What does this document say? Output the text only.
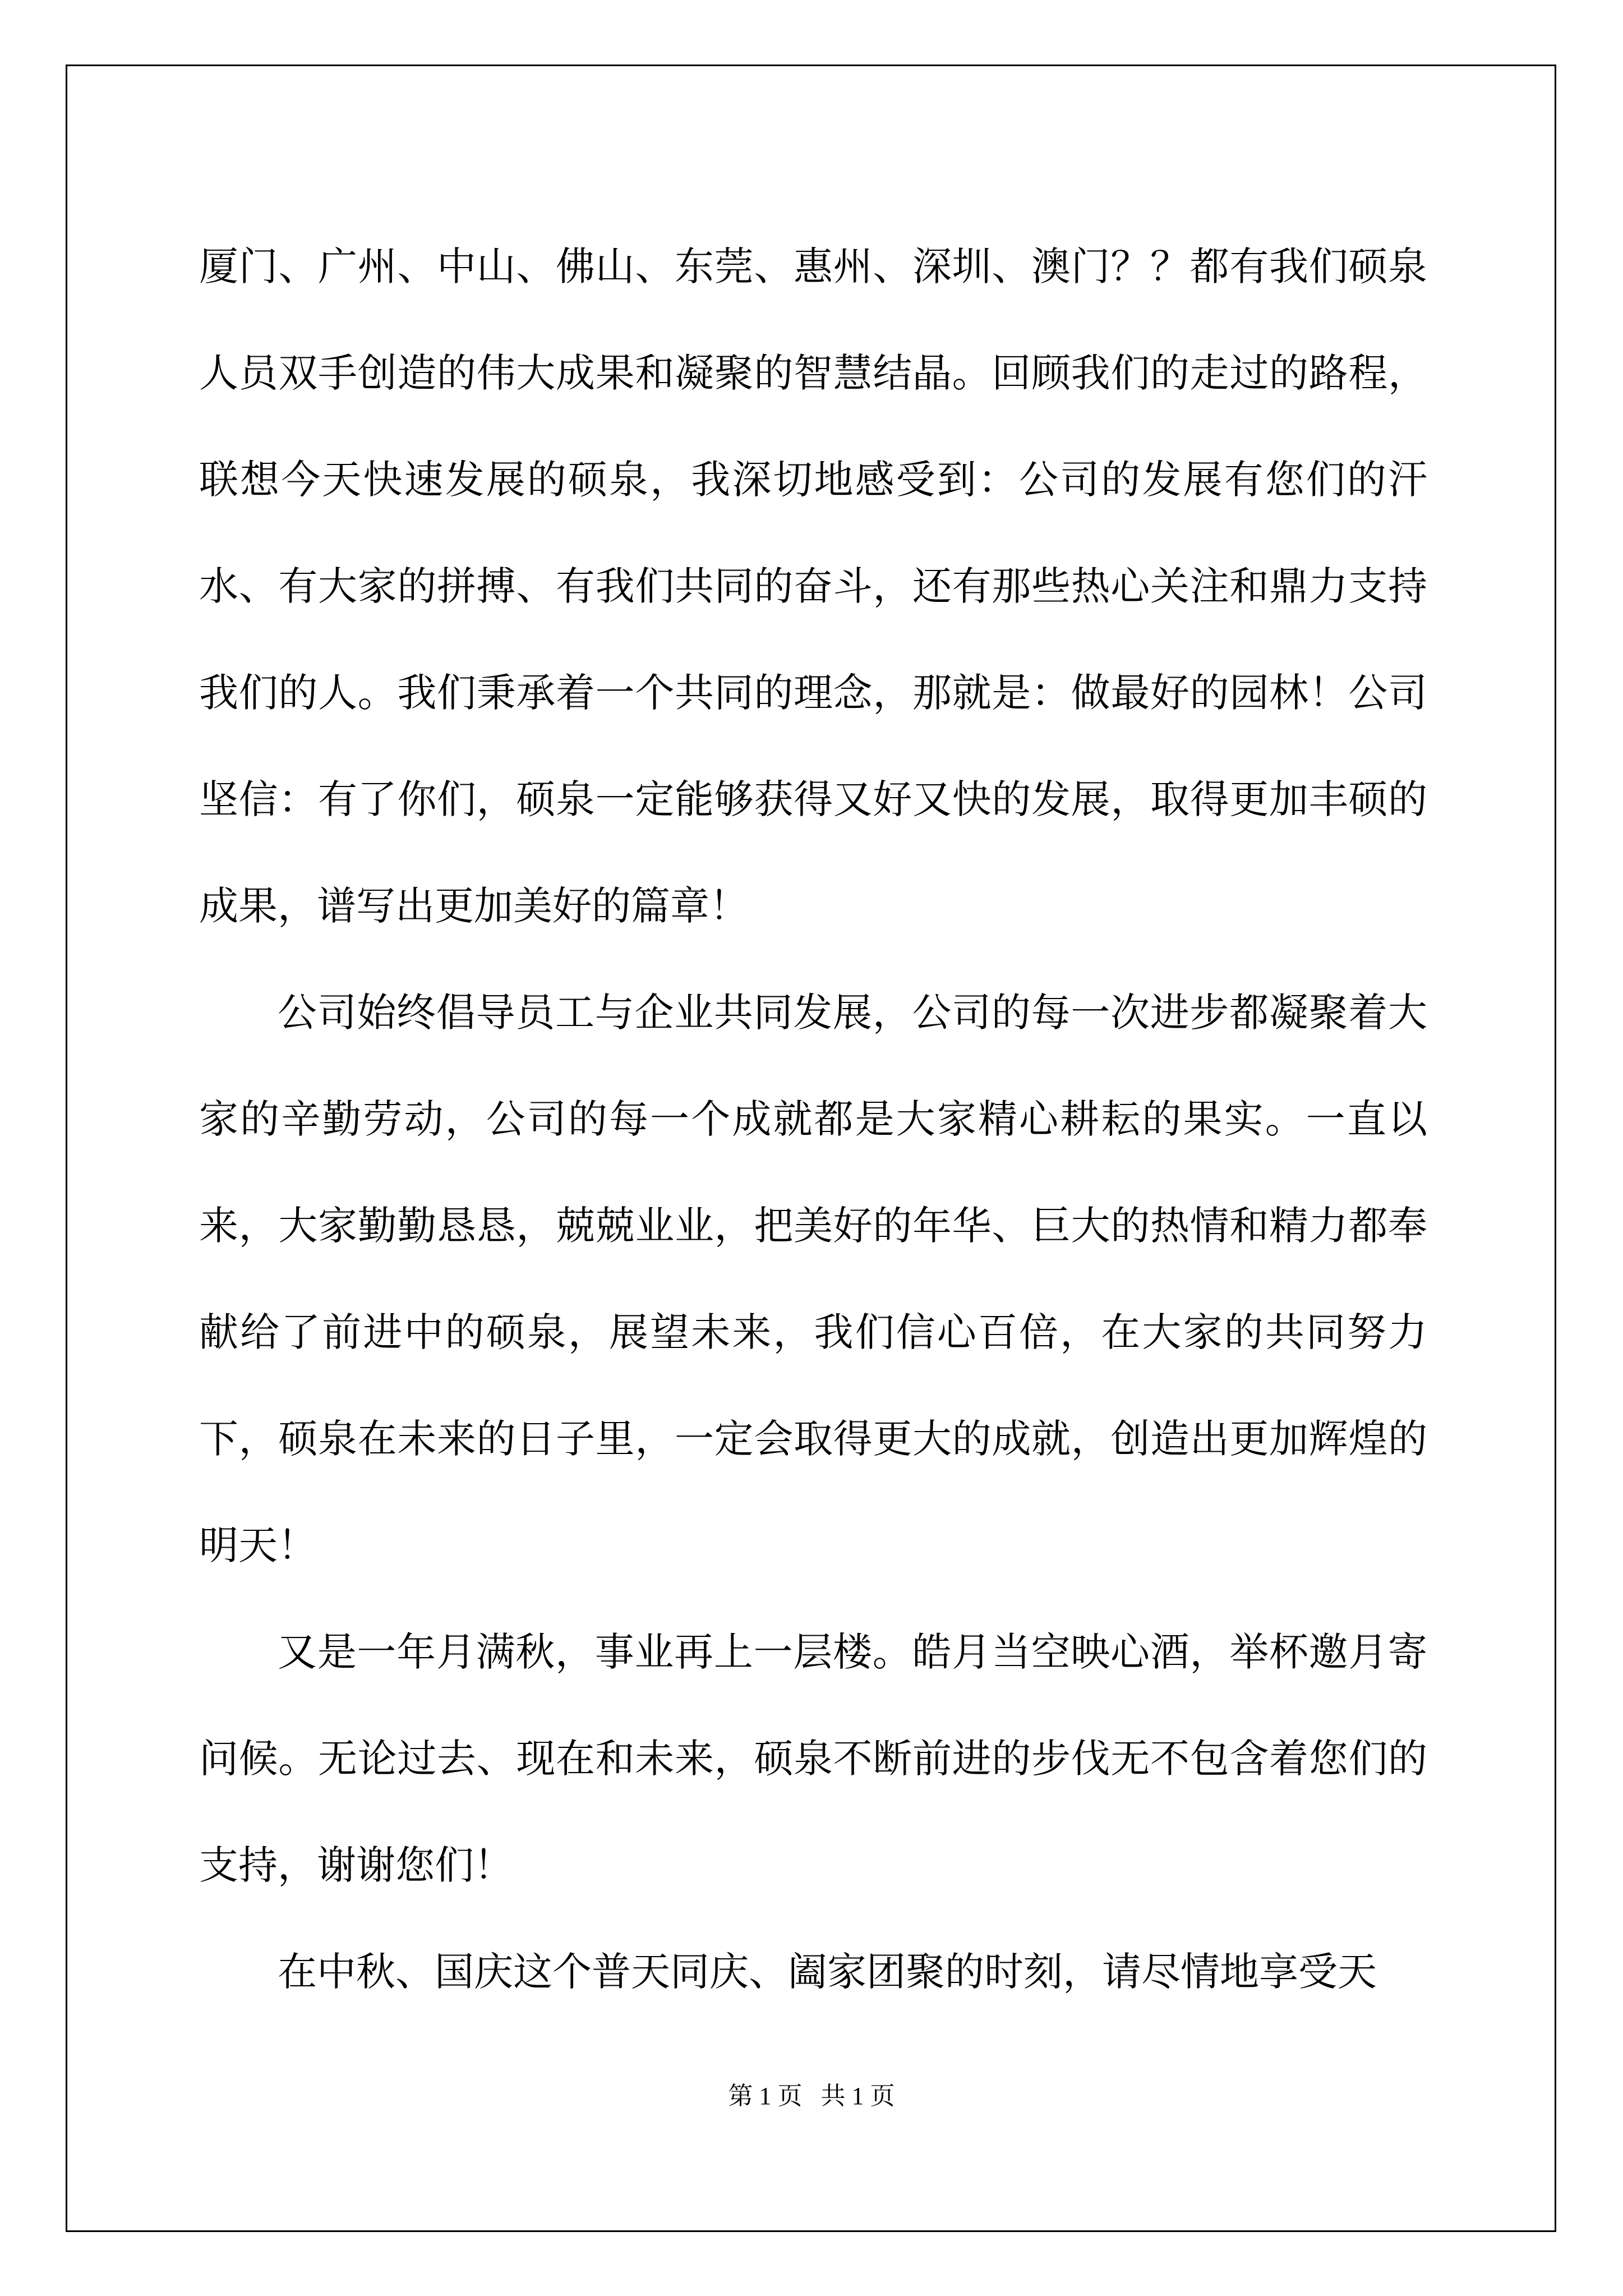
厦门、广州、中山、佛山、东莞、惠州、深圳、澳门？？都有我们硕泉人员双手创造的伟大成果和凝聚的智慧结晶。回顾我们的走过的路程，联想今天快速发展的硕泉，我深切地感受到：公司的发展有您们的汗水、有大家的拼搏、有我们共同的奋斗，还有那些热心关注和鼎力支持我们的人。我们秉承着一个共同的理念，那就是：做最好的园林！公司坚信：有了你们，硕泉一定能够获得又好又快的发展，取得更加丰硕的成果，谱写出更加美好的篇章！

公司始终倡导员工与企业共同发展，公司的每一次进步都凝聚着大家的辛勤劳动，公司的每一个成就都是大家精心耕耘的果实。一直以来，大家勤勤恳恳，兢兢业业，把美好的年华、巨大的热情和精力都奉献给了前进中的硕泉，展望未来，我们信心百倍，在大家的共同努力下，硕泉在未来的日子里，一定会取得更大的成就，创造出更加辉煌的明天！

又是一年月满秋，事业再上一层楼。皓月当空映心酒，举杯邀月寄问候。无论过去、现在和未来，硕泉不断前进的步伐无不包含着您们的支持，谢谢您们！

在中秋、国庆这个普天同庆、阖家团聚的时刻，请尽情地享受天

第 1 页   共 1 页
